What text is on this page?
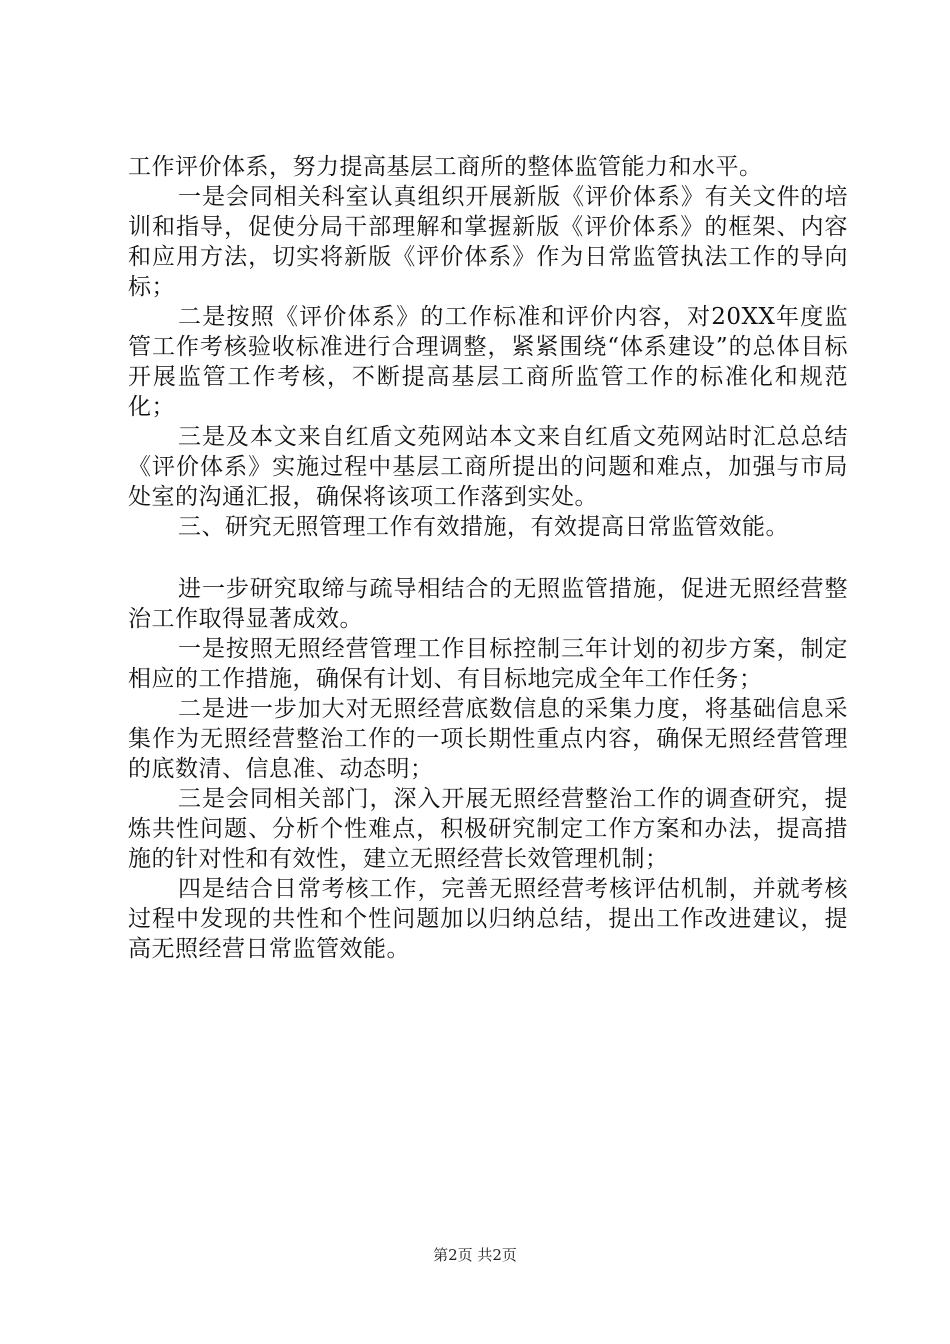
工作评价体系，努力提高基层工商所的整体监管能力和水平。

一是会同相关科室认真组织开展新版《评价体系》有关文件的培训和指导，促使分局干部理解和掌握新版《评价体系》的框架、内容和应用方法，切实将新版《评价体系》作为日常监管执法工作的导向标；

二是按照《评价体系》的工作标准和评价内容，对20XX年度监管工作考核验收标准进行合理调整，紧紧围绕“体系建设”的总体目标开展监管工作考核，不断提高基层工商所监管工作的标准化和规范化；

三是及本文来自红盾文苑网站本文来自红盾文苑网站时汇总总结《评价体系》实施过程中基层工商所提出的问题和难点，加强与市局处室的沟通汇报，确保将该项工作落到实处。

三、研究无照管理工作有效措施，有效提高日常监管效能。

进一步研究取缔与疏导相结合的无照监管措施，促进无照经营整治工作取得显著成效。

一是按照无照经营管理工作目标控制三年计划的初步方案，制定相应的工作措施，确保有计划、有目标地完成全年工作任务；

二是进一步加大对无照经营底数信息的采集力度，将基础信息采集作为无照经营整治工作的一项长期性重点内容，确保无照经营管理的底数清、信息准、动态明；

三是会同相关部门，深入开展无照经营整治工作的调查研究，提炼共性问题、分析个性难点，积极研究制定工作方案和办法，提高措施的针对性和有效性，建立无照经营长效管理机制；

四是结合日常考核工作，完善无照经营考核评估机制，并就考核过程中发现的共性和个性问题加以归纳总结，提出工作改进建议，提高无照经营日常监管效能。

第2页 共2页
